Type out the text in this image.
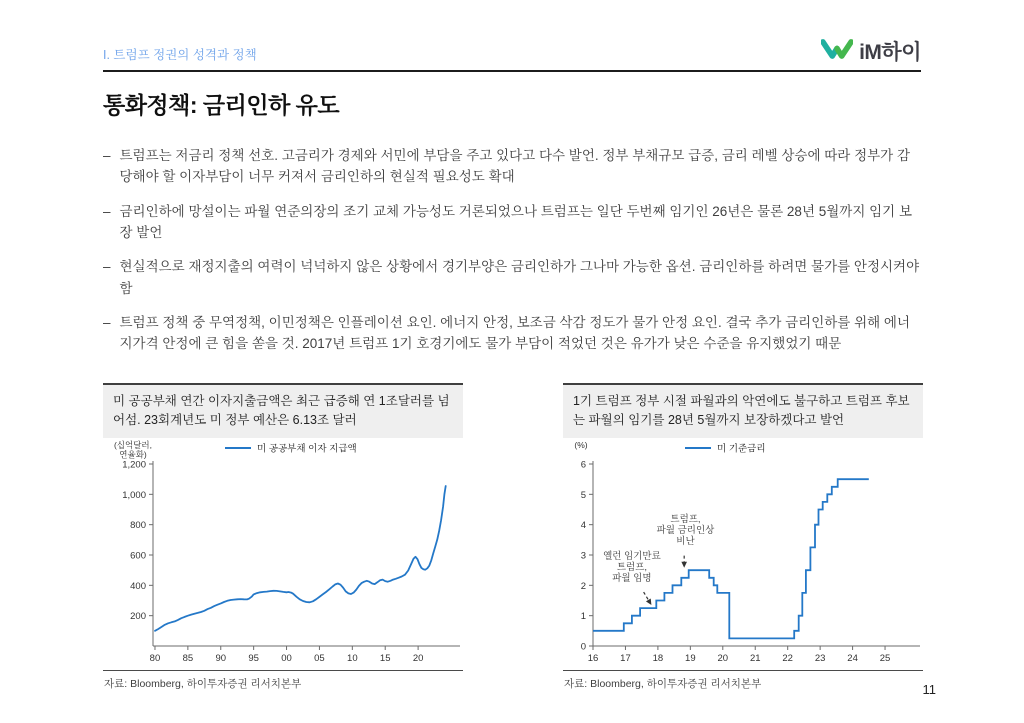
I. 트럼프 정권의 성격과 정책	iM하이
통화정책: 금리인하 유도
– 트럼프는 저금리 정책 선호. 고금리가 경제와 서민에 부담을 주고 있다고 다수 발언. 정부 부채규모 급증, 금리 레벨 상승에 따라 정부가 감당해야 할 이자부담이 너무 커져서 금리인하의 현실적 필요성도 확대
– 금리인하에 망설이는 파월 연준의장의 조기 교체 가능성도 거론되었으나 트럼프는 일단 두번째 임기인 26년은 물론 28년 5월까지 임기 보장 발언
– 현실적으로 재정지출의 여력이 넉넉하지 않은 상황에서 경기부양은 금리인하가 그나마 가능한 옵션. 금리인하를 하려면 물가를 안정시켜야 함
– 트럼프 정책 중 무역정책, 이민정책은 인플레이션 요인. 에너지 안정, 보조금 삭감 정도가 물가 안정 요인. 결국 추가 금리인하를 위해 에너지가격 안정에 큰 힘을 쏟을 것. 2017년 트럼프 1기 호경기에도 물가 부담이 적었던 것은 유가가 낮은 수준을 유지했었기 때문
미 공공부채 연간 이자지출금액은 최근 급증해 연 1조달러를 넘어섬. 23회계년도 미 정부 예산은 6.13조 달러
200
400
600
800
1,000
1,200
80 85 90 95 00 05 10 15 20
(십억달러,
연율화)	미 공공부채 이자 지급액
자료: Bloomberg, 하이투자증권 리서치본부
1기 트럼프 정부 시절 파월과의 악연에도 불구하고 트럼프 후보는 파월의 임기를 28년 5월까지 보장하겠다고 발언
0
1
2
3
4
5
6
16 17 18 19 20 21 22 23 24 25
(%)	미 기준금리
트럼프,
파월 금리인상
비난
옐런 임기만료
트럼프,
파월 임명
자료: Bloomberg, 하이투자증권 리서치본부	11
